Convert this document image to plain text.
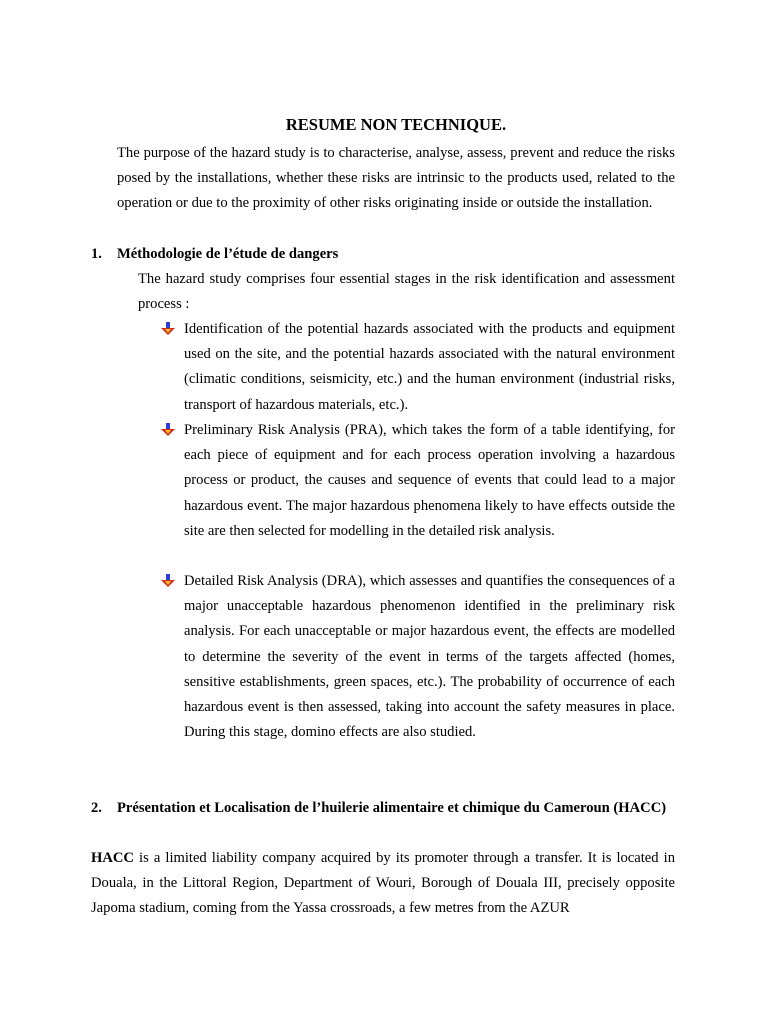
RESUME NON TECHNIQUE.

The purpose of the hazard study is to characterise, analyse, assess, prevent and reduce the risks posed by the installations, whether these risks are intrinsic to the products used, related to the operation or due to the proximity of other risks originating inside or outside the installation.

1. Méthodologie de l’étude de dangers

The hazard study comprises four essential stages in the risk identification and assessment process :

Identification of the potential hazards associated with the products and equipment used on the site, and the potential hazards associated with the natural environment (climatic conditions, seismicity, etc.) and the human environment (industrial risks, transport of hazardous materials, etc.).

Preliminary Risk Analysis (PRA), which takes the form of a table identifying, for each piece of equipment and for each process operation involving a hazardous process or product, the causes and sequence of events that could lead to a major hazardous event. The major hazardous phenomena likely to have effects outside the site are then selected for modelling in the detailed risk analysis.

Detailed Risk Analysis (DRA), which assesses and quantifies the consequences of a major unacceptable hazardous phenomenon identified in the preliminary risk analysis. For each unacceptable or major hazardous event, the effects are modelled to determine the severity of the event in terms of the targets affected (homes, sensitive establishments, green spaces, etc.). The probability of occurrence of each hazardous event is then assessed, taking into account the safety measures in place. During this stage, domino effects are also studied.

2. Présentation et Localisation de l’huilerie alimentaire et chimique du Cameroun (HACC)

HACC is a limited liability company acquired by its promoter through a transfer. It is located in Douala, in the Littoral Region, Department of Wouri, Borough of Douala III, precisely opposite Japoma stadium, coming from the Yassa crossroads, a few metres from the AZUR
